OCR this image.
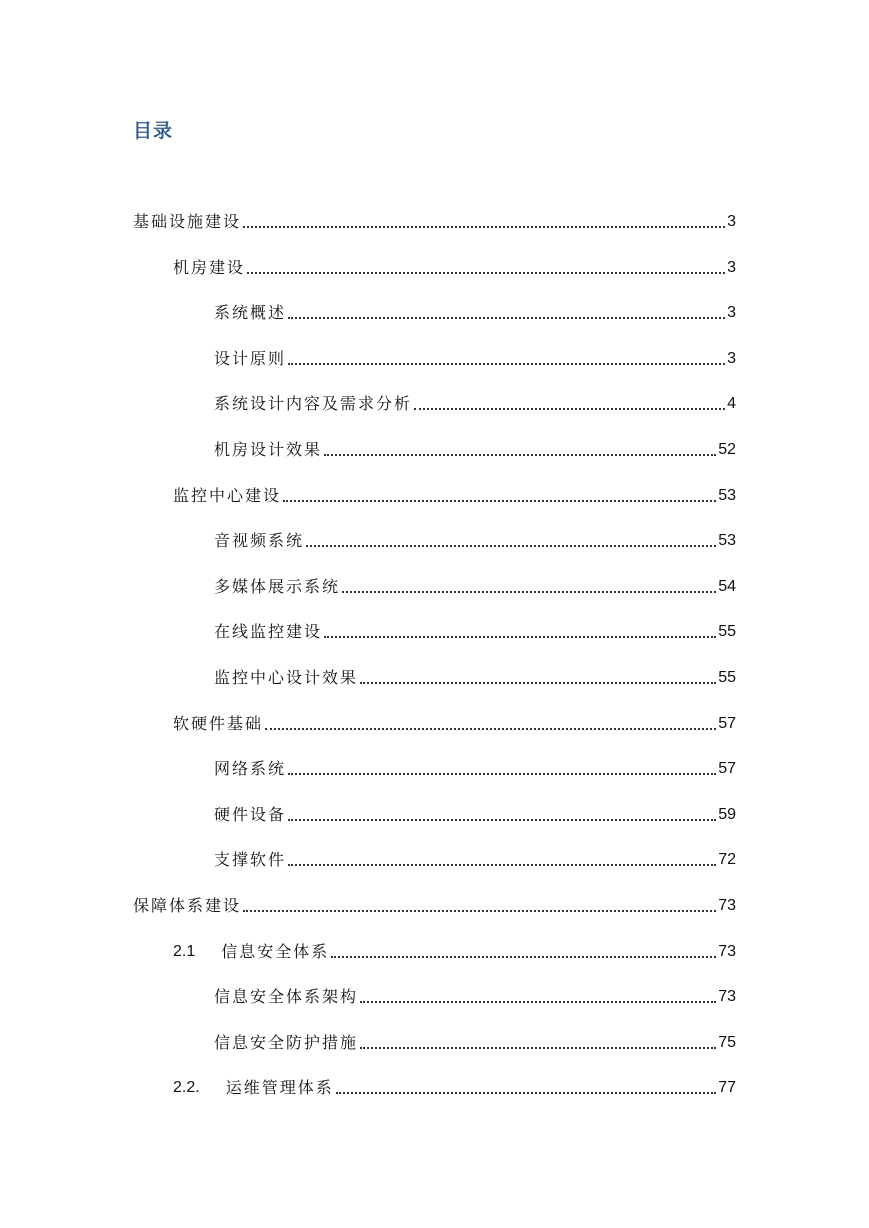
目录
基础设施建设	3
机房建设	3
系统概述	3
设计原则	3
系统设计内容及需求分析	4
机房设计效果	52
监控中心建设	53
音视频系统	53
多媒体展示系统	54
在线监控建设	55
监控中心设计效果	55
软硬件基础	57
网络系统	57
硬件设备	59
支撑软件	72
保障体系建设	73
2.1 信息安全体系	73
信息安全体系架构	73
信息安全防护措施	75
2.2. 运维管理体系	77
